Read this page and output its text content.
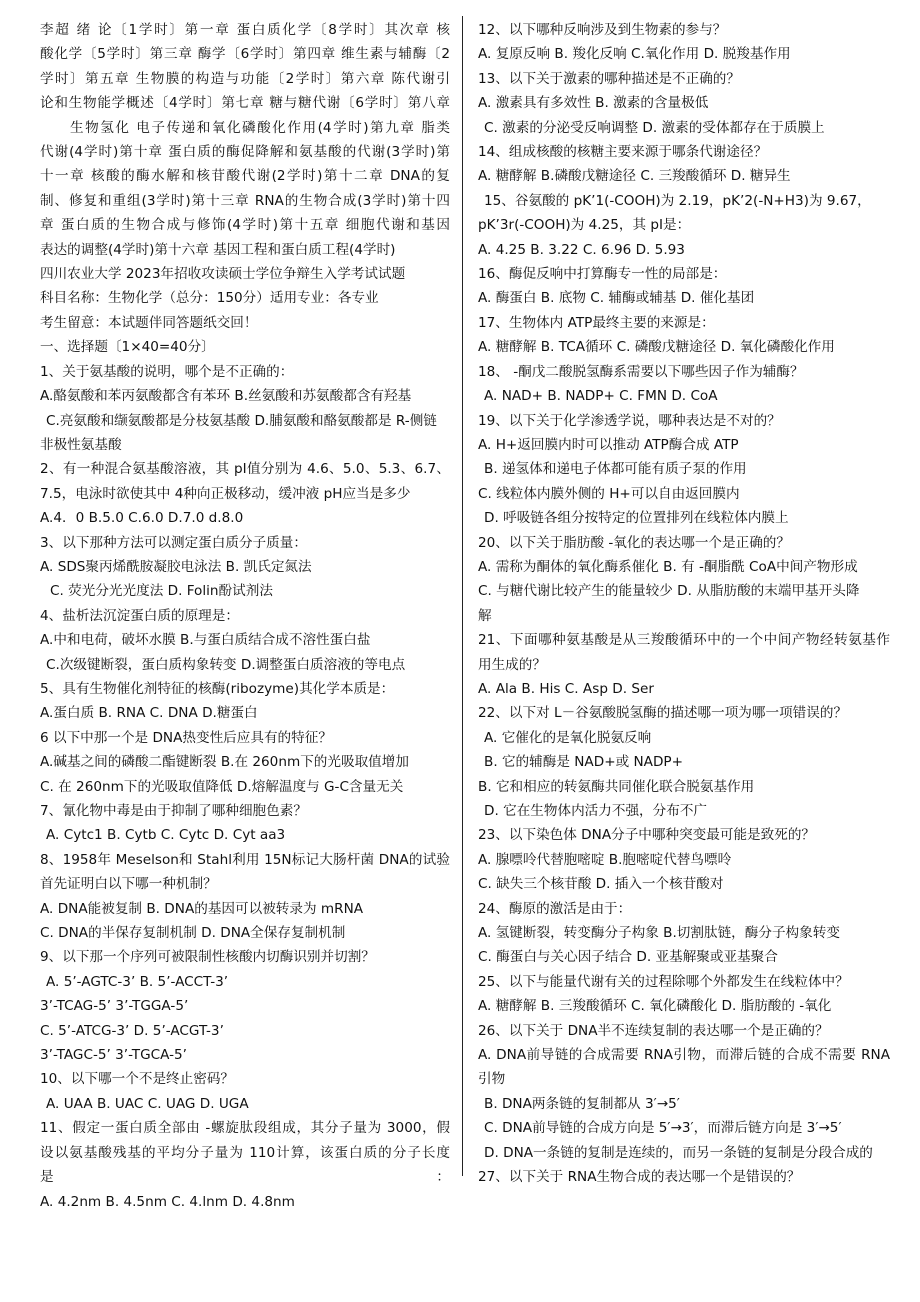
李超 绪 论〔1学时〕第一章 蛋白质化学〔8学时〕其次章 核
酸化学〔5学时〕第三章 酶学〔6学时〕第四章 维生素与辅酶〔2
学时〕第五章 生物膜的构造与功能〔2学时〕第六章 陈代谢引
论和生物能学概述〔4学时〕第七章 糖与糖代谢〔6学时〕第八章
生物氢化 电子传递和氧化磷酸化作用(4学时)第九章 脂类
代谢(4学时)第十章 蛋白质的酶促降解和氨基酸的代谢(3学时)第
十一章 核酸的酶水解和核苷酸代谢(2学时)第十二章 DNA的复
制、修复和重组(3学时)第十三章 RNA的生物合成(3学时)第十四
章 蛋白质的生物合成与修饰(4学时)第十五章 细胞代谢和基因
表达的调整(4学时)第十六章 基因工程和蛋白质工程(4学时)
四川农业大学 2023年招收攻读硕士学位争辩生入学考试试题
科目名称：生物化学（总分：150分）适用专业：各专业
考生留意：本试题伴同答题纸交回！
一、选择题〔1×40=40分〕
1、关于氨基酸的说明，哪个是不正确的：
A.酪氨酸和苯丙氨酸都含有苯环 B.丝氨酸和苏氨酸都含有羟基
C.亮氨酸和缬氨酸都是分枝氨基酸 D.脯氨酸和酪氨酸都是 R-侧链
非极性氨基酸
2、有一种混合氨基酸溶液，其 pI值分别为 4.6、5.0、5.3、6.7、
7.5，电泳时欲使其中 4种向正极移动，缓冲液 pH应当是多少
A.4．0 B.5.0 C.6.0 D.7.0 d.8.0
3、以下那种方法可以测定蛋白质分子质量：
A. SDS聚丙烯酰胺凝胶电泳法 B. 凯氏定氮法
C. 荧光分光光度法 D. Folin酚试剂法
4、盐析法沉淀蛋白质的原理是：
A.中和电荷，破坏水膜 B.与蛋白质结合成不溶性蛋白盐
C.次级键断裂，蛋白质构象转变 D.调整蛋白质溶液的等电点
5、具有生物催化剂特征的核酶(ribozyme)其化学本质是：
A.蛋白质 B. RNA C. DNA D.糖蛋白
6 以下中那一个是 DNA热变性后应具有的特征？
A.碱基之间的磷酸二酯键断裂 B.在 260nm下的光吸取值增加
C. 在 260nm下的光吸取值降低 D.熔解温度与 G-C含量无关
7、氰化物中毒是由于抑制了哪种细胞色素？
A. Cytc1 B. Cytb C. Cytc D. Cyt aa3
8、1958年 Meselson和 Stahl利用 15N标记大肠杆菌 DNA的试验
首先证明白以下哪一种机制？
A. DNA能被复制 B. DNA的基因可以被转录为 mRNA
C. DNA的半保存复制机制 D. DNA全保存复制机制
9、以下那一个序列可被限制性核酸内切酶识别并切割？
A. 5’-AGTC-3’ B. 5’-ACCT-3’
3’-TCAG-5’ 3’-TGGA-5’
C. 5’-ATCG-3’ D. 5’-ACGT-3’
3’-TAGC-5’ 3’-TGCA-5’
10、以下哪一个不是终止密码？
A. UAA B. UAC C. UAG D. UGA
11、假定一蛋白质全部由 -螺旋肽段组成，其分子量为 3000，假
设以氨基酸残基的平均分子量为 110计算，该蛋白质的分子长度是：
A. 4.2nm B. 4.5nm C. 4.lnm D. 4.8nm
12、以下哪种反响涉及到生物素的参与？
A. 复原反响 B. 羧化反响 C.氧化作用 D. 脱羧基作用
13、以下关于激素的哪种描述是不正确的？
A. 激素具有多效性 B. 激素的含量极低
C. 激素的分泌受反响调整 D. 激素的受体都存在于质膜上
14、组成核酸的核糖主要来源于哪条代谢途径？
A. 糖酵解 B.磷酸戊糖途径 C. 三羧酸循环 D. 糖异生
15、谷氨酸的 pK’1(-COOH)为 2.19，pK’2(-N+H3)为 9.67，
pK’3r(-COOH)为 4.25，其 pI是：
A. 4.25 B. 3.22 C. 6.96 D. 5.93
16、酶促反响中打算酶专一性的局部是：
A. 酶蛋白 B. 底物 C. 辅酶或辅基 D. 催化基团
17、生物体内 ATP最终主要的来源是：
A. 糖酵解 B. TCA循环 C. 磷酸戊糖途径 D. 氧化磷酸化作用
18、 -酮戊二酸脱氢酶系需要以下哪些因子作为辅酶？
A. NAD+ B. NADP+ C. FMN D. CoA
19、以下关于化学渗透学说，哪种表达是不对的？
A. H+返回膜内时可以推动 ATP酶合成 ATP
B. 递氢体和递电子体都可能有质子泵的作用
C. 线粒体内膜外侧的 H+可以自由返回膜内
D. 呼吸链各组分按特定的位置排列在线粒体内膜上
20、以下关于脂肪酸 -氧化的表达哪一个是正确的？
A. 需称为酮体的氧化酶系催化 B. 有 -酮脂酰 CoA中间产物形成
C. 与糖代谢比较产生的能量较少 D. 从脂肪酸的末端甲基开头降
解
21、下面哪种氨基酸是从三羧酸循环中的一个中间产物经转氨基作
用生成的？
A. Ala B. His C. Asp D. Ser
22、以下对 L－谷氨酸脱氢酶的描述哪一项为哪一项错误的？
A. 它催化的是氧化脱氨反响
B. 它的辅酶是 NAD+或 NADP+
B. 它和相应的转氨酶共同催化联合脱氨基作用
D. 它在生物体内活力不强，分布不广
23、以下染色体 DNA分子中哪种突变最可能是致死的？
A. 腺嘌呤代替胞嘧啶 B.胞嘧啶代替鸟嘌呤
C. 缺失三个核苷酸 D. 插入一个核苷酸对
24、酶原的激活是由于：
A. 氢键断裂，转变酶分子构象 B.切割肽链，酶分子构象转变
C. 酶蛋白与关心因子结合 D. 亚基解聚或亚基聚合
25、以下与能量代谢有关的过程除哪个外都发生在线粒体中？
A. 糖酵解 B. 三羧酸循环 C. 氧化磷酸化 D. 脂肪酸的 -氧化
26、以下关于 DNA半不连续复制的表达哪一个是正确的？
A. DNA前导链的合成需要 RNA引物，而滞后链的合成不需要 RNA
引物
B. DNA两条链的复制都从 3′→5′
C. DNA前导链的合成方向是 5′→3′，而滞后链方向是 3′→5′
D. DNA一条链的复制是连续的，而另一条链的复制是分段合成的
27、以下关于 RNA生物合成的表达哪一个是错误的？
